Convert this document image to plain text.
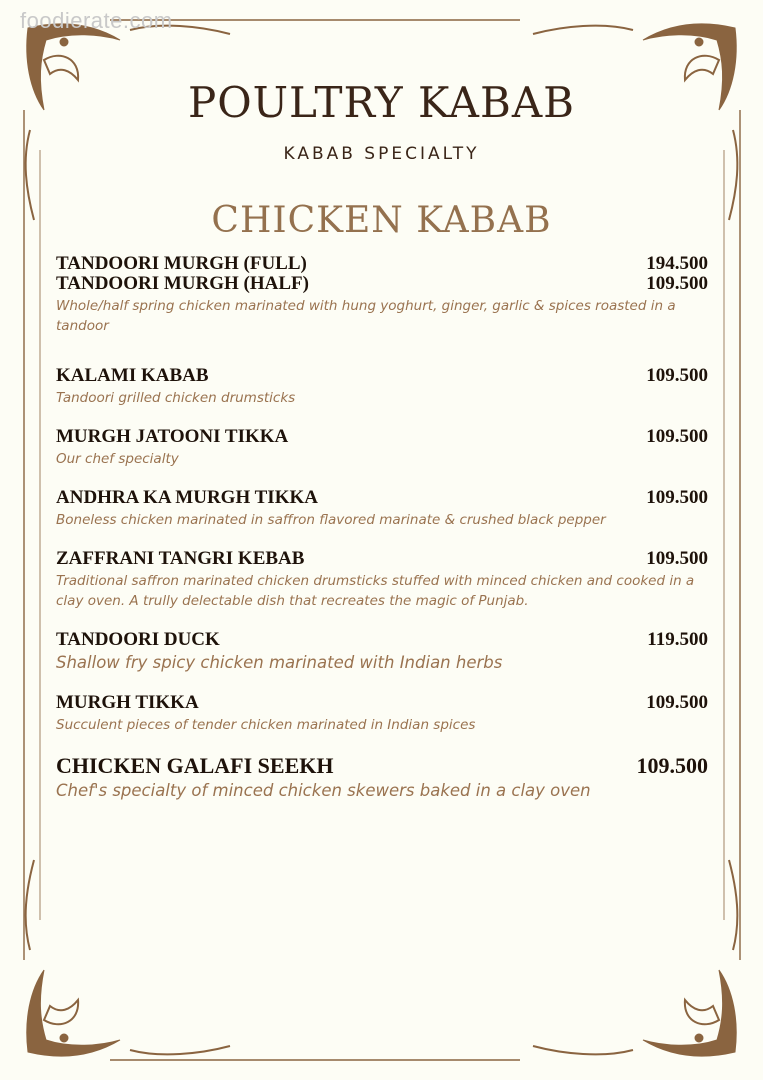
foodierate.com
POULTRY KABAB
KABAB SPECIALTY
CHICKEN KABAB
TANDOORI MURGH (FULL)	194.500
TANDOORI MURGH (HALF)	109.500
Whole/half spring chicken marinated with hung yoghurt, ginger, garlic & spices roasted in a tandoor
KALAMI KABAB	109.500
Tandoori grilled chicken drumsticks
MURGH JATOONI TIKKA	109.500
Our chef specialty
ANDHRA KA MURGH TIKKA	109.500
Boneless chicken marinated in saffron flavored marinate & crushed black pepper
ZAFFRANI TANGRI KEBAB	109.500
Traditional saffron marinated chicken drumsticks stuffed with minced chicken and cooked in a clay oven. A trully delectable dish that recreates the magic of Punjab.
TANDOORI DUCK	119.500
Shallow fry spicy chicken marinated with Indian herbs
MURGH TIKKA	109.500
Succulent pieces of tender chicken marinated in Indian spices
CHICKEN GALAFI SEEKH	109.500
Chef's specialty of minced chicken skewers baked in a clay oven
